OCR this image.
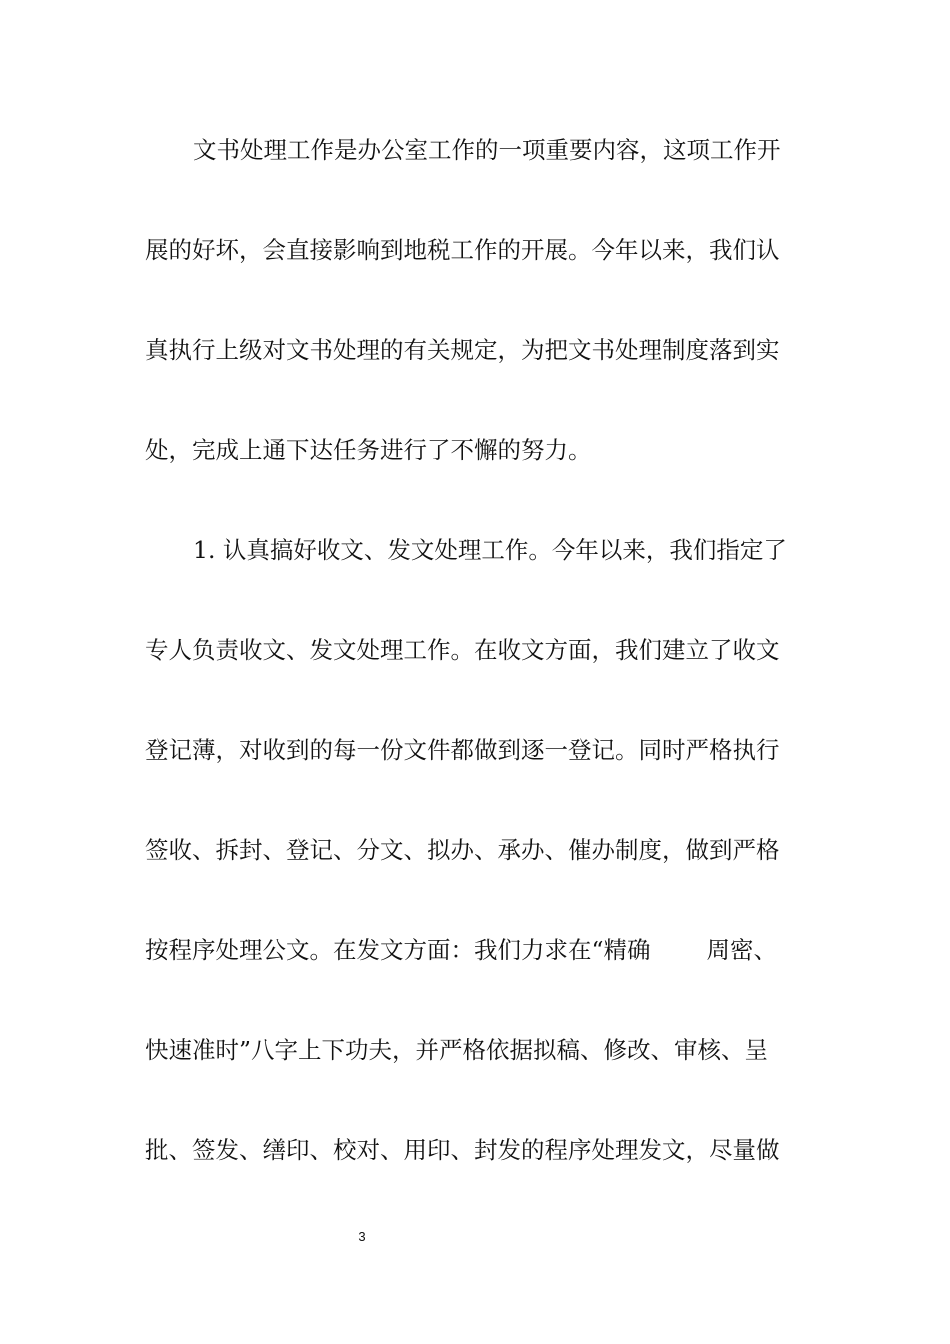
文书处理工作是办公室工作的一项重要内容，这项工作开
展的好坏，会直接影响到地税工作的开展。今年以来，我们认
真执行上级对文书处理的有关规定，为把文书处理制度落到实
处，完成上通下达任务进行了不懈的努力。
1. 认真搞好收文、发文处理工作。今年以来，我们指定了
专人负责收文、发文处理工作。在收文方面，我们建立了收文
登记薄，对收到的每一份文件都做到逐一登记。同时严格执行
签收、拆封、登记、分文、拟办、承办、催办制度，做到严格
按程序处理公文。在发文方面：我们力求在“精确 周密、
快速准时”八字上下功夫，并严格依据拟稿、修改、审核、呈
批、签发、缮印、校对、用印、封发的程序处理发文，尽量做
3
